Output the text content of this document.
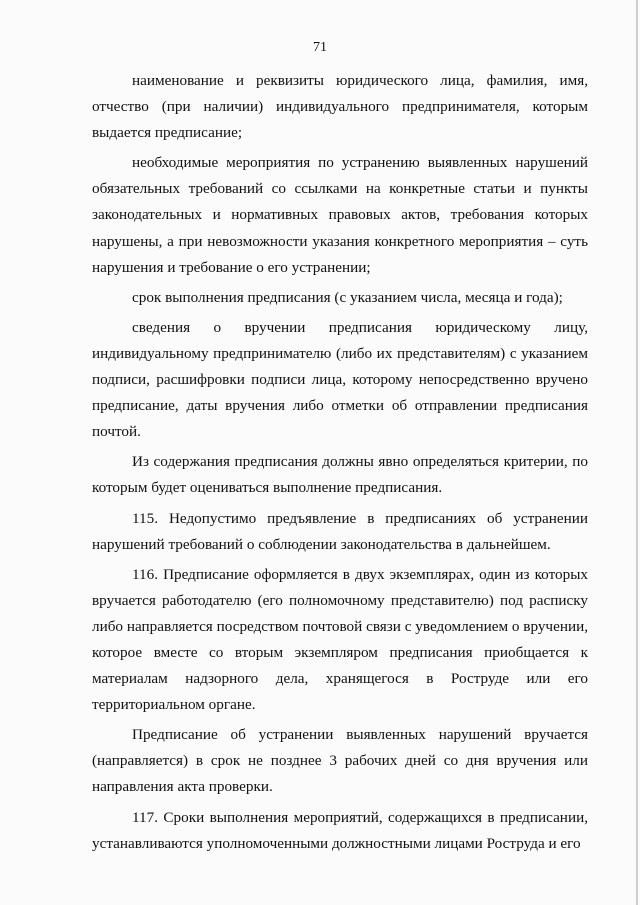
71

наименование и реквизиты юридического лица, фамилия, имя, отчество (при наличии) индивидуального предпринимателя, которым выдается предписание;

необходимые мероприятия по устранению выявленных нарушений обязательных требований со ссылками на конкретные статьи и пункты законодательных и нормативных правовых актов, требования которых нарушены, а при невозможности указания конкретного мероприятия – суть нарушения и требование о его устранении;

срок выполнения предписания (с указанием числа, месяца и года);

сведения о вручении предписания юридическому лицу, индивидуальному предпринимателю (либо их представителям) с указанием подписи, расшифровки подписи лица, которому непосредственно вручено предписание, даты вручения либо отметки об отправлении предписания почтой.

Из содержания предписания должны явно определяться критерии, по которым будет оцениваться выполнение предписания.

115. Недопустимо предъявление в предписаниях об устранении нарушений требований о соблюдении законодательства в дальнейшем.

116. Предписание оформляется в двух экземплярах, один из которых вручается работодателю (его полномочному представителю) под расписку либо направляется посредством почтовой связи с уведомлением о вручении, которое вместе со вторым экземпляром предписания приобщается к материалам надзорного дела, хранящегося в Роструде или его территориальном органе.

Предписание об устранении выявленных нарушений вручается (направляется) в срок не позднее 3 рабочих дней со дня вручения или направления акта проверки.

117. Сроки выполнения мероприятий, содержащихся в предписании, устанавливаются уполномоченными должностными лицами Роструда и его
